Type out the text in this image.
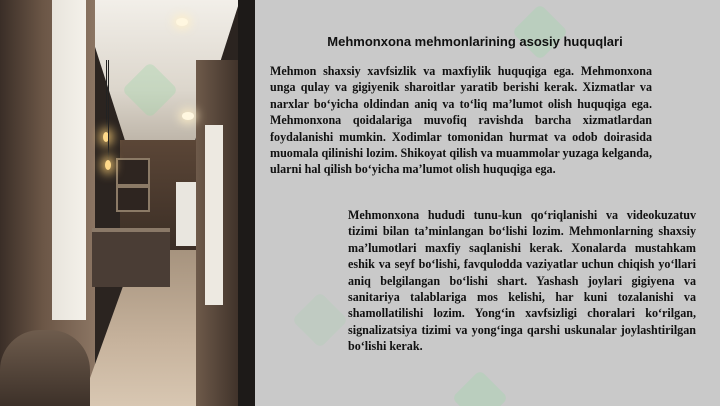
Mehmonxona mehmonlarining asosiy huquqlari

Mehmon shaxsiy xavfsizlik va maxfiylik huquqiga ega. Mehmonxona unga qulay va gigiyenik sharoitlar yaratib berishi kerak. Xizmatlar va narxlar bo‘yicha oldindan aniq va to‘liq ma’lumot olish huquqiga ega. Mehmonxona qoidalariga muvofiq ravishda barcha xizmatlardan foydalanishi mumkin. Xodimlar tomonidan hurmat va odob doirasida muomala qilinishi lozim. Shikoyat qilish va muammolar yuzaga kelganda, ularni hal qilish bo‘yicha ma’lumot olish huquqiga ega.

Mehmonxona hududi tunu-kun qo‘riqlanishi va videokuzatuv tizimi bilan ta’minlangan bo‘lishi lozim. Mehmonlarning shaxsiy ma’lumotlari maxfiy saqlanishi kerak. Xonalarda mustahkam eshik va seyf bo‘lishi, favqulodda vaziyatlar uchun chiqish yo‘llari aniq belgilangan bo‘lishi shart. Yashash joylari gigiyena va sanitariya talablariga mos kelishi, har kuni tozalanishi va shamollatilishi lozim. Yong‘in xavfsizligi choralari ko‘rilgan, signalizatsiya tizimi va yong‘inga qarshi uskunalar joylashtirilgan bo‘lishi kerak.
